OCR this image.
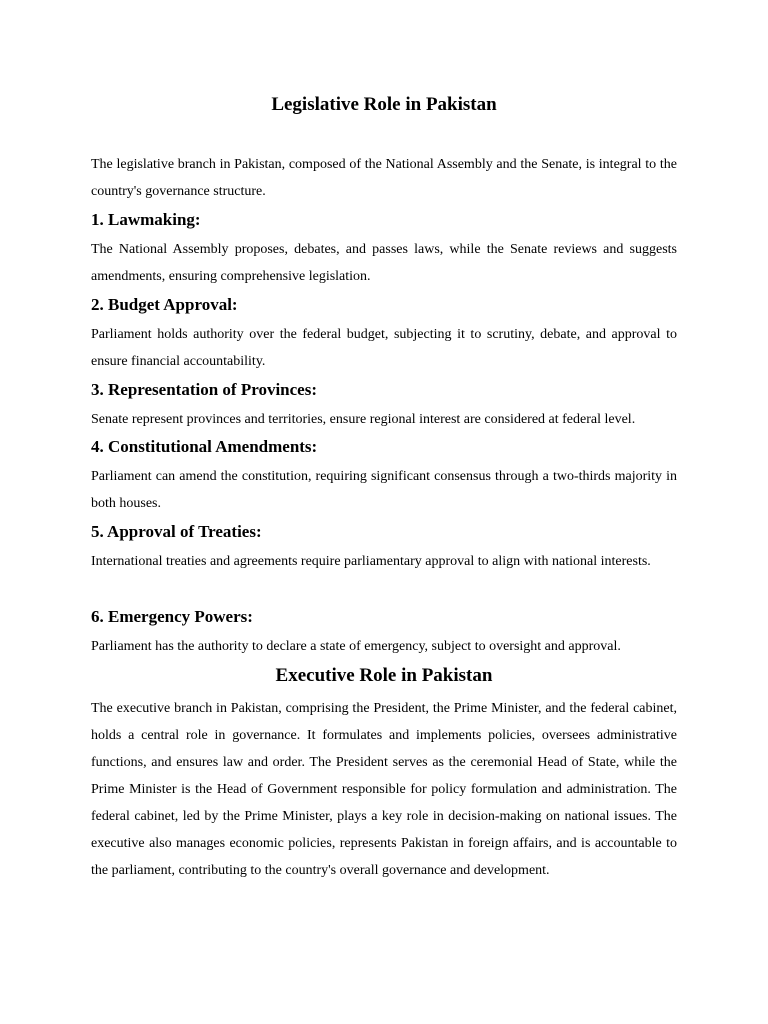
Legislative Role in Pakistan

The legislative branch in Pakistan, composed of the National Assembly and the Senate, is integral to the country's governance structure.

1. Lawmaking:

The National Assembly proposes, debates, and passes laws, while the Senate reviews and suggests amendments, ensuring comprehensive legislation.

2. Budget Approval:

Parliament holds authority over the federal budget, subjecting it to scrutiny, debate, and approval to ensure financial accountability.

3. Representation of Provinces:

Senate represent provinces and territories, ensure regional interest are considered at federal level.

4. Constitutional Amendments:

Parliament can amend the constitution, requiring significant consensus through a two-thirds majority in both houses.

5. Approval of Treaties:

International treaties and agreements require parliamentary approval to align with national interests.

6. Emergency Powers:

Parliament has the authority to declare a state of emergency, subject to oversight and approval.

Executive Role in Pakistan

The executive branch in Pakistan, comprising the President, the Prime Minister, and the federal cabinet, holds a central role in governance. It formulates and implements policies, oversees administrative functions, and ensures law and order. The President serves as the ceremonial Head of State, while the Prime Minister is the Head of Government responsible for policy formulation and administration. The federal cabinet, led by the Prime Minister, plays a key role in decision-making on national issues. The executive also manages economic policies, represents Pakistan in foreign affairs, and is accountable to the parliament, contributing to the country's overall governance and development.
